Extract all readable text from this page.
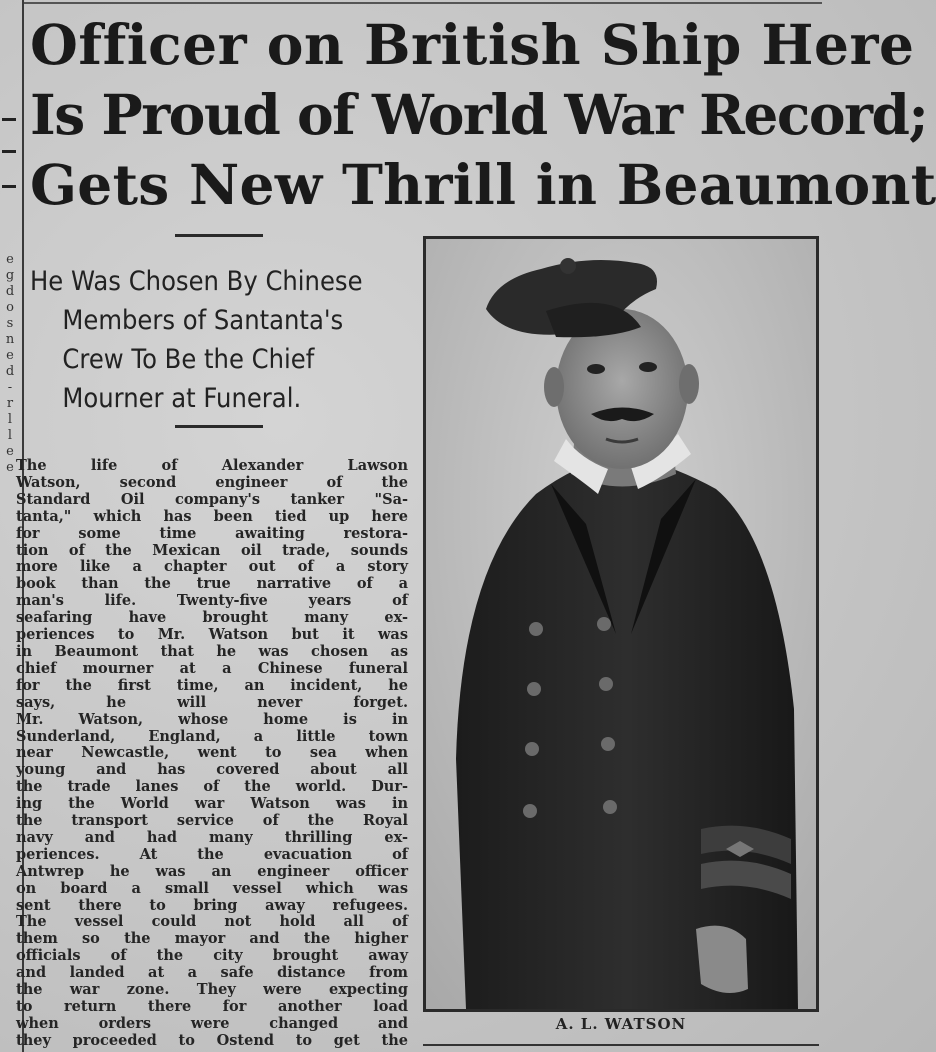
e
g
d
o
s
n
e
d
-
r
l
l
e
e
Officer on British Ship Here
Is Proud of World War Record;
Gets New Thrill in Beaumont
He Was Chosen By Chinese
Members of Santanta's
Crew To Be the Chief
Mourner at Funeral.
The life of Alexander Lawson
Watson, second engineer of the
Standard Oil company's tanker "Sa-
tanta," which has been tied up here
for some time awaiting restora-
tion of the Mexican oil trade, sounds
more like a chapter out of a story
book than the true narrative of a
man's life. Twenty-five years of
seafaring have brought many ex-
periences to Mr. Watson but it was
in Beaumont that he was chosen as
chief mourner at a Chinese funeral
for the first time, an incident, he
says, he will never forget.
Mr. Watson, whose home is in
Sunderland, England, a little town
near Newcastle, went to sea when
young and has covered about all
the trade lanes of the world. Dur-
ing the World war Watson was in
the transport service of the Royal
navy and had many thrilling ex-
periences. At the evacuation of
Antwrep he was an engineer officer
on board a small vessel which was
sent there to bring away refugees.
The vessel could not hold all of
them so the mayor and the higher
officials of the city brought away
and landed at a safe distance from
the war zone. They were expecting
to return there for another load
when orders were changed and
they proceeded to Ostend to get the
A. L. WATSON
